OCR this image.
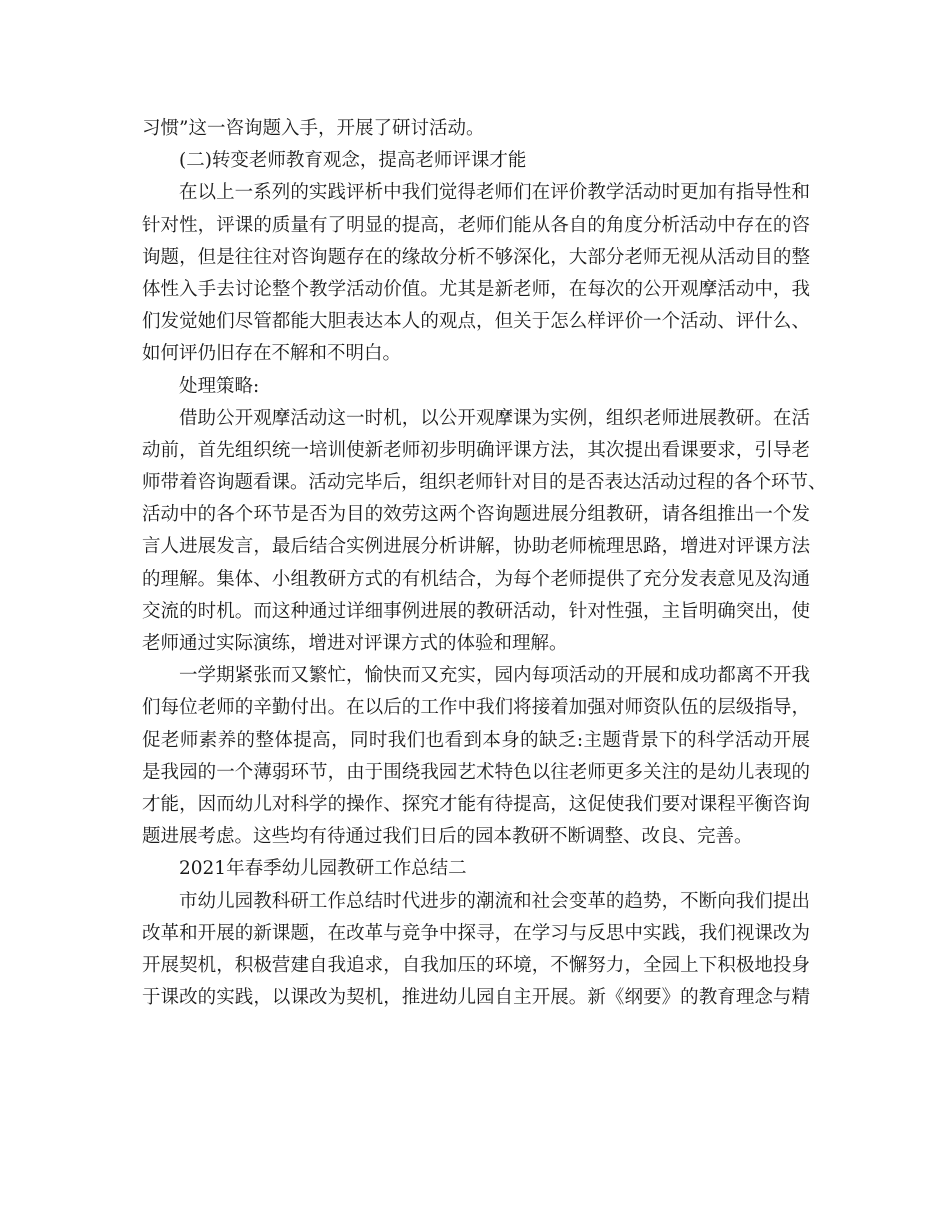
习惯”这一咨询题入手，开展了研讨活动。
(二)转变老师教育观念，提高老师评课才能
在以上一系列的实践评析中我们觉得老师们在评价教学活动时更加有指导性和
针对性，评课的质量有了明显的提高，老师们能从各自的角度分析活动中存在的咨
询题，但是往往对咨询题存在的缘故分析不够深化，大部分老师无视从活动目的整
体性入手去讨论整个教学活动价值。尤其是新老师，在每次的公开观摩活动中，我
们发觉她们尽管都能大胆表达本人的观点，但关于怎么样评价一个活动、评什么、
如何评仍旧存在不解和不明白。
处理策略:
借助公开观摩活动这一时机，以公开观摩课为实例，组织老师进展教研。在活
动前，首先组织统一培训使新老师初步明确评课方法，其次提出看课要求，引导老
师带着咨询题看课。活动完毕后，组织老师针对目的是否表达活动过程的各个环节、
活动中的各个环节是否为目的效劳这两个咨询题进展分组教研，请各组推出一个发
言人进展发言，最后结合实例进展分析讲解，协助老师梳理思路，增进对评课方法
的理解。集体、小组教研方式的有机结合，为每个老师提供了充分发表意见及沟通
交流的时机。而这种通过详细事例进展的教研活动，针对性强，主旨明确突出，使
老师通过实际演练，增进对评课方式的体验和理解。
一学期紧张而又繁忙，愉快而又充实，园内每项活动的开展和成功都离不开我
们每位老师的辛勤付出。在以后的工作中我们将接着加强对师资队伍的层级指导，
促老师素养的整体提高，同时我们也看到本身的缺乏:主题背景下的科学活动开展
是我园的一个薄弱环节，由于围绕我园艺术特色以往老师更多关注的是幼儿表现的
才能，因而幼儿对科学的操作、探究才能有待提高，这促使我们要对课程平衡咨询
题进展考虑。这些均有待通过我们日后的园本教研不断调整、改良、完善。
2021年春季幼儿园教研工作总结二
市幼儿园教科研工作总结时代进步的潮流和社会变革的趋势，不断向我们提出
改革和开展的新课题，在改革与竞争中探寻，在学习与反思中实践，我们视课改为
开展契机，积极营建自我追求，自我加压的环境，不懈努力，全园上下积极地投身
于课改的实践，以课改为契机，推进幼儿园自主开展。新《纲要》的教育理念与精
